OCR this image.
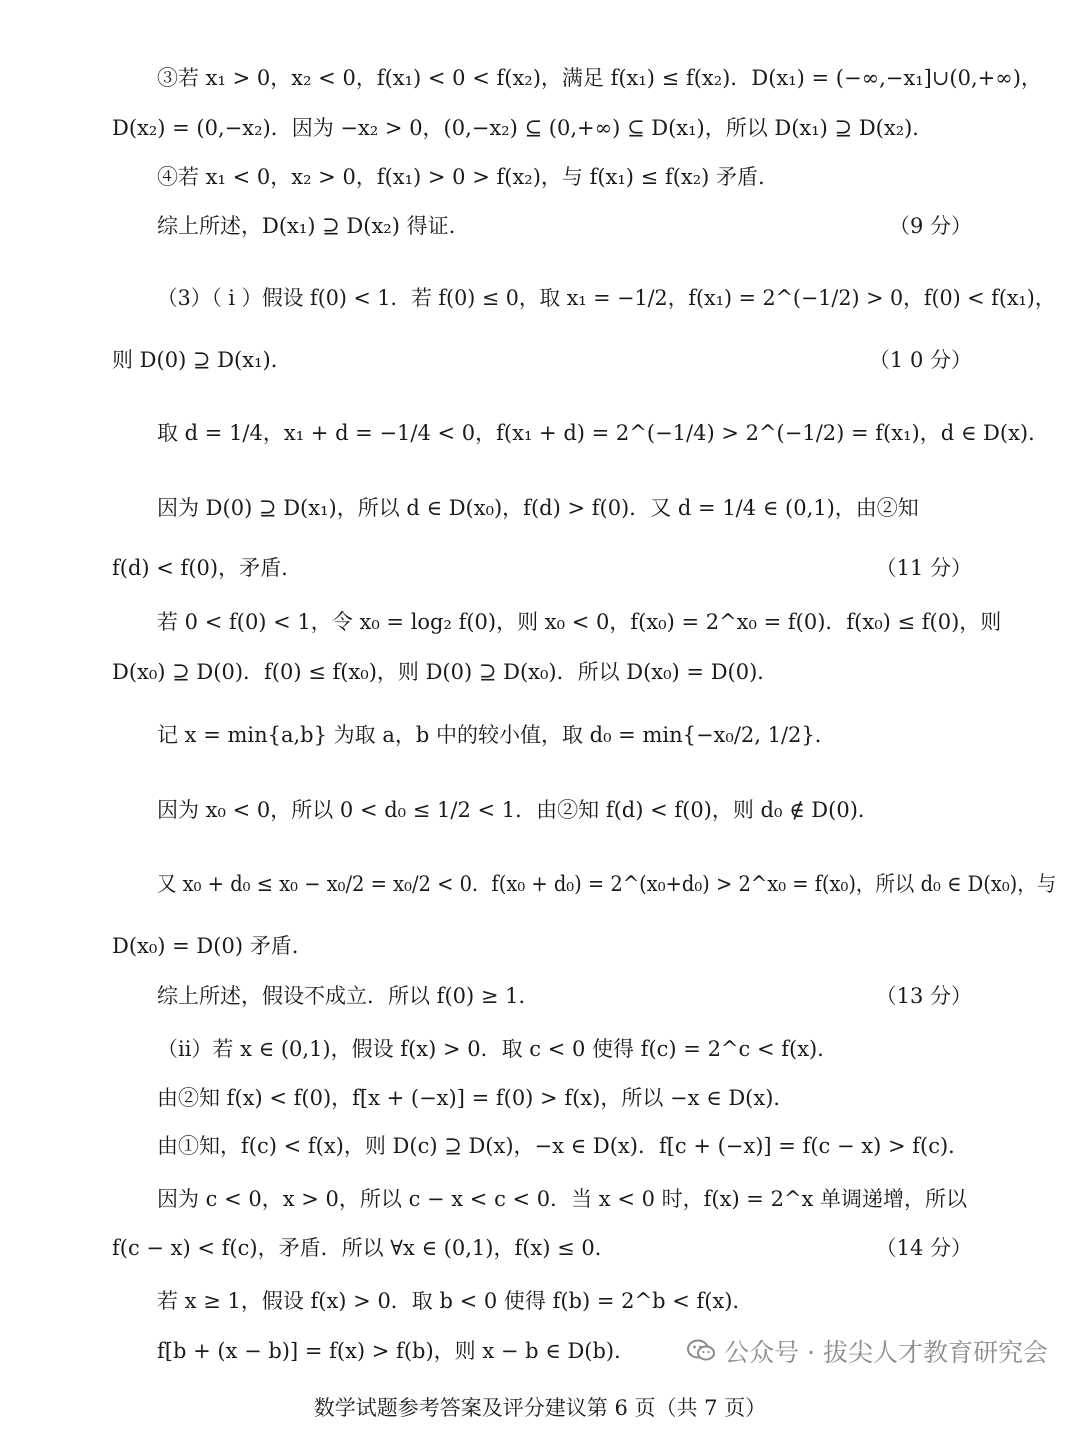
③若 x₁ > 0，x₂ < 0，f(x₁) < 0 < f(x₂)，满足 f(x₁) ≤ f(x₂)．D(x₁) = (−∞,−x₁]∪(0,+∞)，
D(x₂) = (0,−x₂)．因为 −x₂ > 0，(0,−x₂) ⊆ (0,+∞) ⊆ D(x₁)，所以 D(x₁) ⊇ D(x₂)．
④若 x₁ < 0，x₂ > 0，f(x₁) > 0 > f(x₂)，与 f(x₁) ≤ f(x₂) 矛盾.
综上所述，D(x₁) ⊇ D(x₂) 得证.	（9 分）
（3）（ i ）假设 f(0) < 1．若 f(0) ≤ 0，取 x₁ = −1/2，f(x₁) = 2^(−1/2) > 0，f(0) < f(x₁)，
则 D(0) ⊇ D(x₁)．	（1 0 分）
取 d = 1/4，x₁ + d = −1/4 < 0，f(x₁ + d) = 2^(−1/4) > 2^(−1/2) = f(x₁)，d ∈ D(x)．
因为 D(0) ⊇ D(x₁)，所以 d ∈ D(x₀)，f(d) > f(0)．又 d = 1/4 ∈ (0,1)，由②知
f(d) < f(0)，矛盾.	（11 分）
若 0 < f(0) < 1，令 x₀ = log₂ f(0)，则 x₀ < 0，f(x₀) = 2^x₀ = f(0)．f(x₀) ≤ f(0)，则
D(x₀) ⊇ D(0)．f(0) ≤ f(x₀)，则 D(0) ⊇ D(x₀)．所以 D(x₀) = D(0)．
记 x = min{a,b} 为取 a，b 中的较小值，取 d₀ = min{−x₀/2, 1/2}．
因为 x₀ < 0，所以 0 < d₀ ≤ 1/2 < 1．由②知 f(d) < f(0)，则 d₀ ∉ D(0)．
又 x₀ + d₀ ≤ x₀ − x₀/2 = x₀/2 < 0．f(x₀ + d₀) = 2^(x₀+d₀) > 2^x₀ = f(x₀)，所以 d₀ ∈ D(x₀)，与
D(x₀) = D(0) 矛盾.
综上所述，假设不成立．所以 f(0) ≥ 1．	（13 分）
（ii）若 x ∈ (0,1)，假设 f(x) > 0．取 c < 0 使得 f(c) = 2^c < f(x)．
由②知 f(x) < f(0)，f[x + (−x)] = f(0) > f(x)，所以 −x ∈ D(x)．
由①知，f(c) < f(x)，则 D(c) ⊇ D(x)，−x ∈ D(x)．f[c + (−x)] = f(c − x) > f(c)．
因为 c < 0，x > 0，所以 c − x < c < 0．当 x < 0 时，f(x) = 2^x 单调递增，所以
f(c − x) < f(c)，矛盾．所以 ∀x ∈ (0,1)，f(x) ≤ 0．	（14 分）
若 x ≥ 1，假设 f(x) > 0．取 b < 0 使得 f(b) = 2^b < f(x)．
f[b + (x − b)] = f(x) > f(b)，则 x − b ∈ D(b)．	公众号 · 拔尖人才教育研究会
数学试题参考答案及评分建议第 6 页（共 7 页）
